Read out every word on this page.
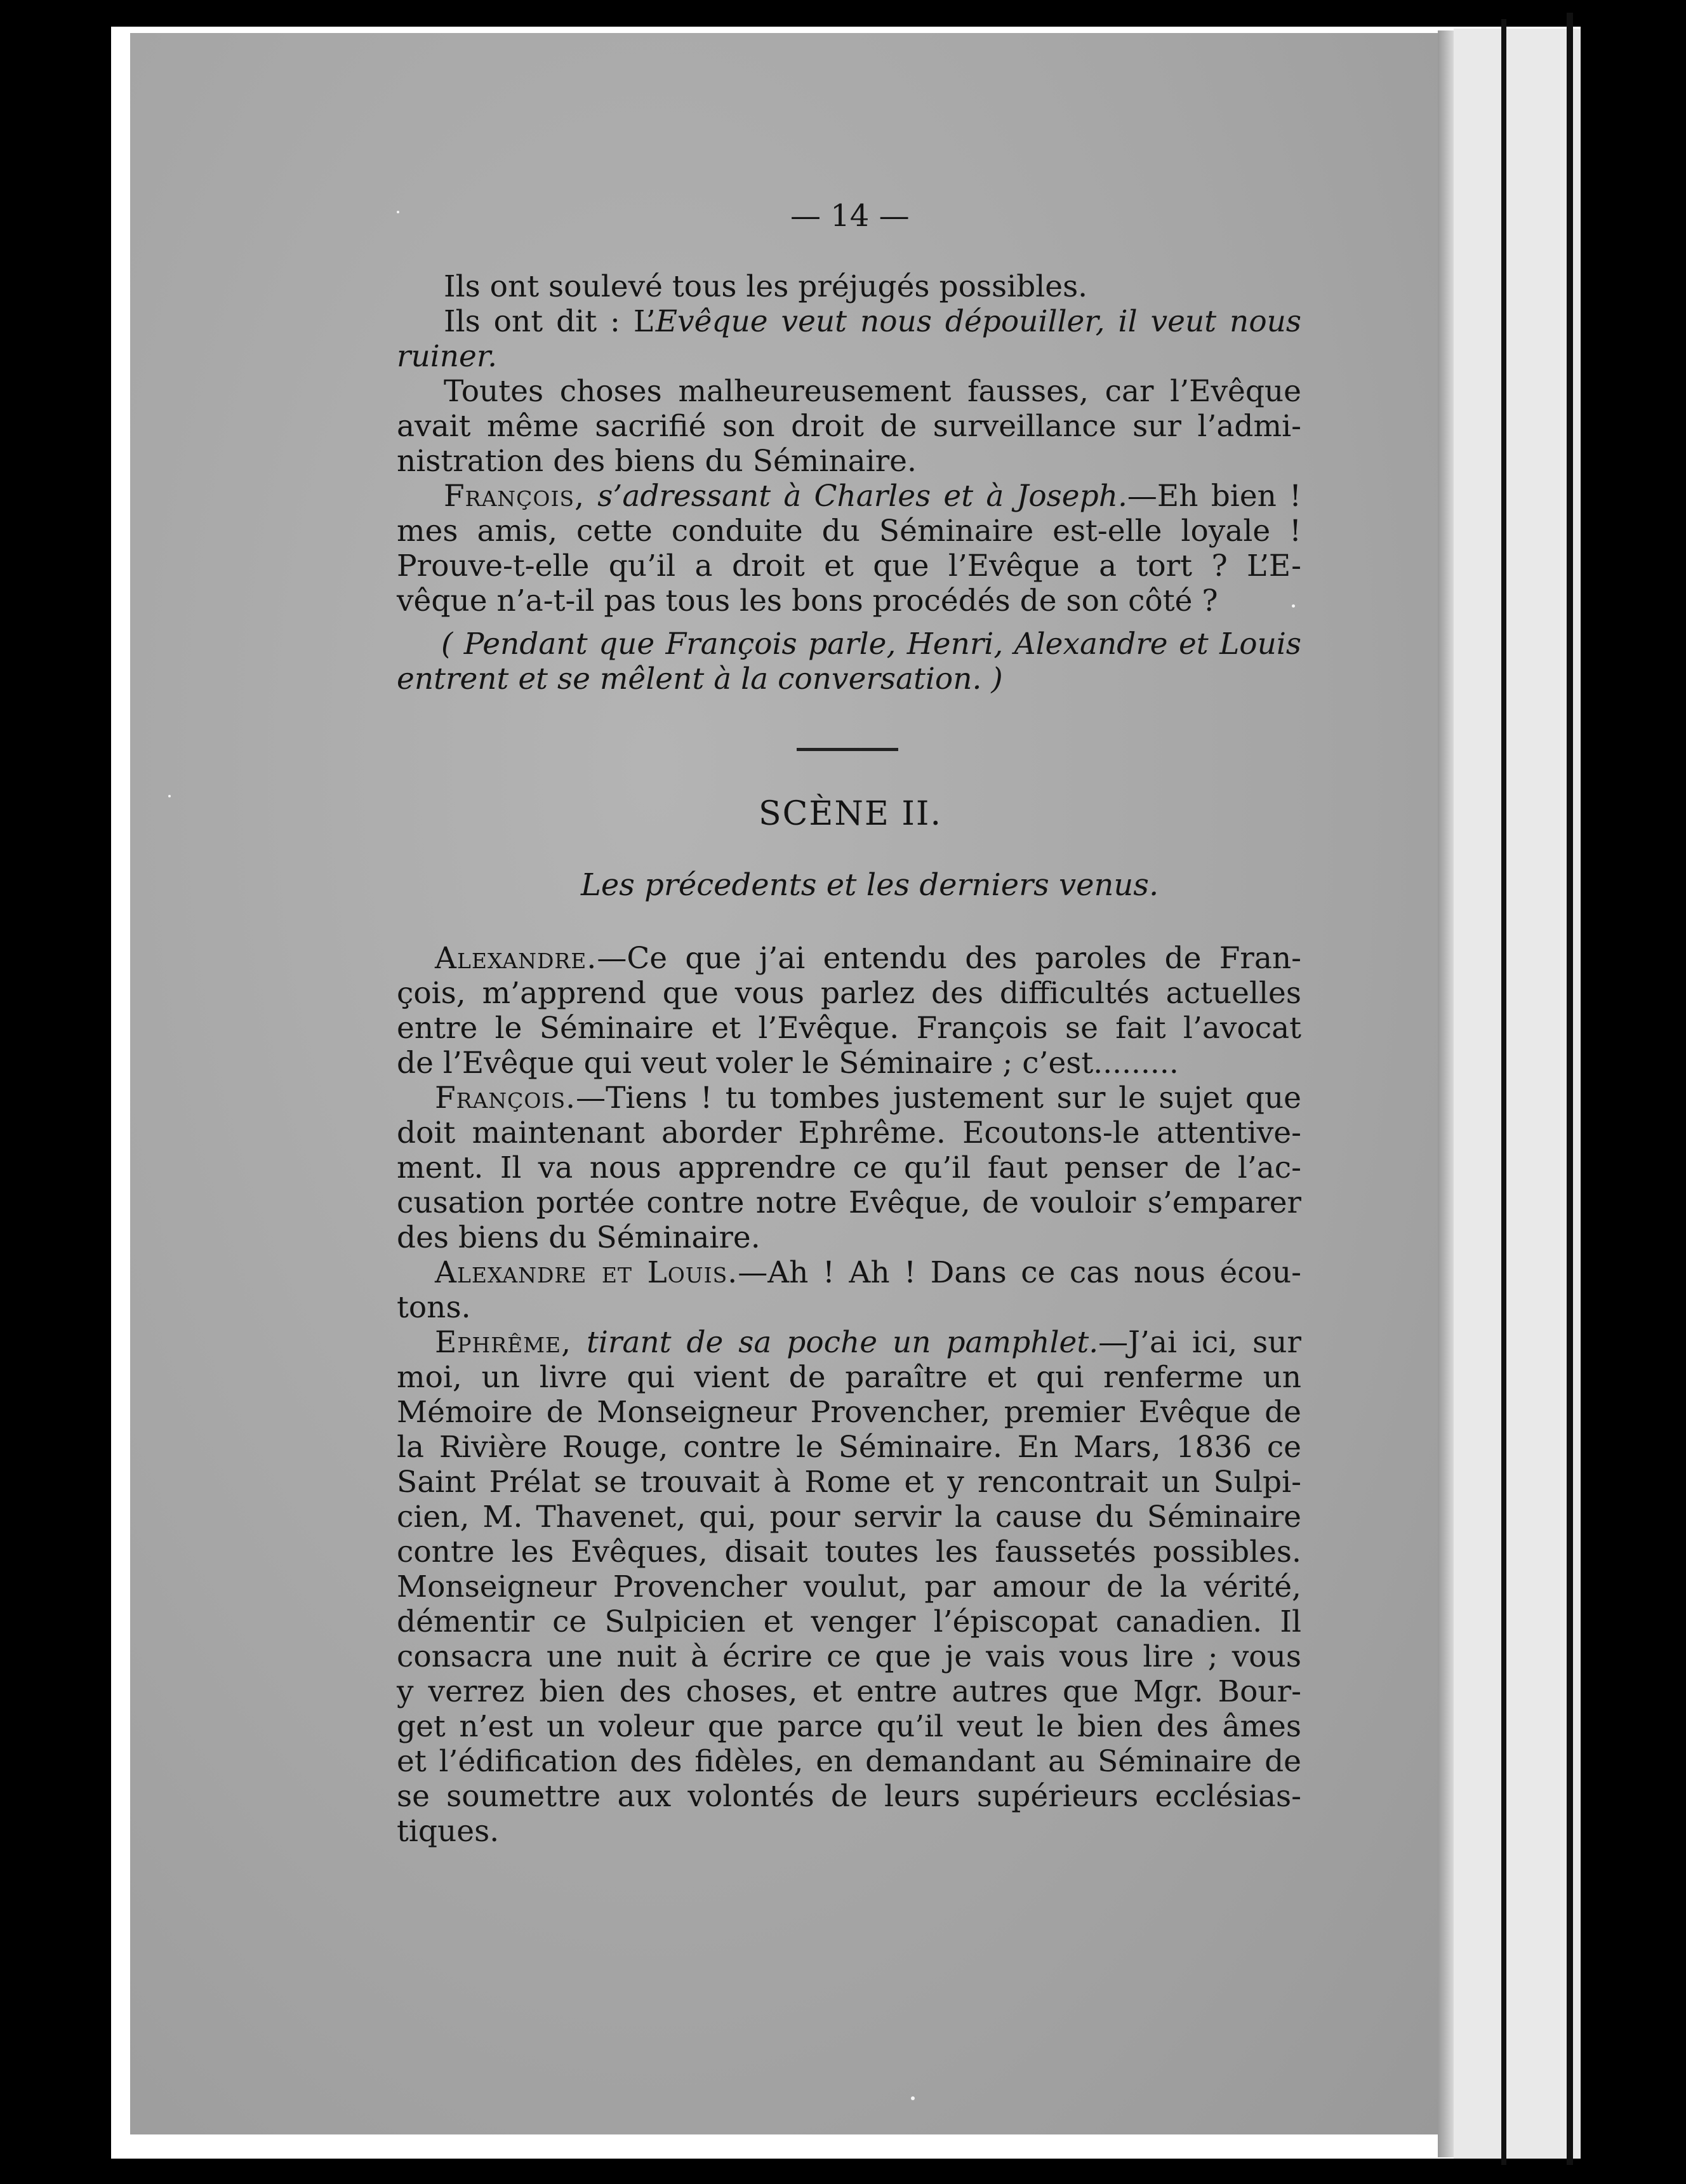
— 14 —
Ils ont soulevé tous les préjugés possibles.
Ils ont dit : L’Evêque veut nous dépouiller, il veut nous
ruiner.
Toutes choses malheureusement fausses, car l’Evêque
avait même sacrifié son droit de surveillance sur l’admi-
nistration des biens du Séminaire.
François, s’adressant à Charles et à Joseph.—Eh bien !
mes amis, cette conduite du Séminaire est-elle loyale !
Prouve-t-elle qu’il a droit et que l’Evêque a tort ? L’E-
vêque n’a-t-il pas tous les bons procédés de son côté ?
( Pendant que François parle, Henri, Alexandre et Louis
entrent et se mêlent à la conversation. )
Alexandre.—Ce que j’ai entendu des paroles de Fran-
çois, m’apprend que vous parlez des difficultés actuelles
entre le Séminaire et l’Evêque. François se fait l’avocat
de l’Evêque qui veut voler le Séminaire ; c’est.........
François.—Tiens ! tu tombes justement sur le sujet que
doit maintenant aborder Ephrême. Ecoutons-le attentive-
ment. Il va nous apprendre ce qu’il faut penser de l’ac-
cusation portée contre notre Evêque, de vouloir s’emparer
des biens du Séminaire.
Alexandre et Louis.—Ah ! Ah ! Dans ce cas nous écou-
tons.
Ephrême, tirant de sa poche un pamphlet.—J’ai ici, sur
moi, un livre qui vient de paraître et qui renferme un
Mémoire de Monseigneur Provencher, premier Evêque de
la Rivière Rouge, contre le Séminaire. En Mars, 1836 ce
Saint Prélat se trouvait à Rome et y rencontrait un Sulpi-
cien, M. Thavenet, qui, pour servir la cause du Séminaire
contre les Evêques, disait toutes les faussetés possibles.
Monseigneur Provencher voulut, par amour de la vérité,
démentir ce Sulpicien et venger l’épiscopat canadien. Il
consacra une nuit à écrire ce que je vais vous lire ; vous
y verrez bien des choses, et entre autres que Mgr. Bour-
get n’est un voleur que parce qu’il veut le bien des âmes
et l’édification des fidèles, en demandant au Séminaire de
se soumettre aux volontés de leurs supérieurs ecclésias-
tiques.
SCÈNE II.
Les précedents et les derniers venus.
